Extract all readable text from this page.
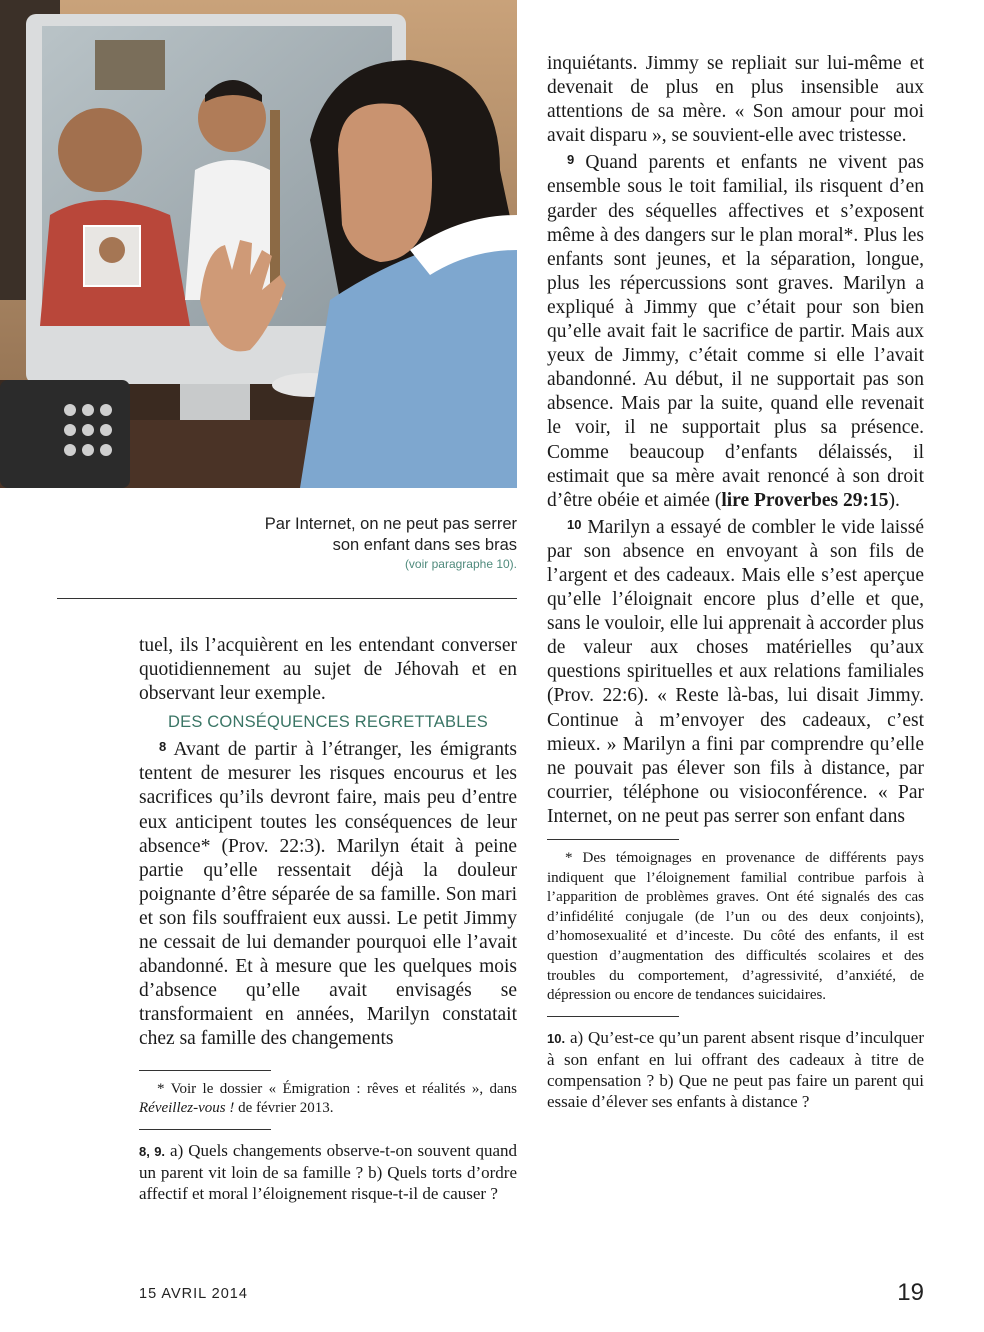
Par Internet, on ne peut pas serrer
son enfant dans ses bras
(voir paragraphe 10).

tuel, ils l’acquièrent en les entendant converser quotidiennement au sujet de Jéhovah et en observant leur exemple.

DES CONSÉQUENCES REGRETTABLES

$^8$ Avant de partir à l’étranger, les émigrants tentent de mesurer les risques encourus et les sacrifices qu’ils devront faire, mais peu d’entre eux anticipent toutes les conséquences de leur absence* (Prov. 22:3). Marilyn était à peine partie qu’elle ressentait déjà la douleur poignante d’être séparée de sa famille. Son mari et son fils souffraient eux aussi. Le petit Jimmy ne cessait de lui demander pourquoi elle l’avait abandonné. Et à mesure que les quelques mois d’absence qu’elle avait envisagés se transformaient en années, Marilyn constatait chez sa famille des changements

* Voir le dossier « Émigration : rêves et réalités », dans Réveillez-vous ! de février 2013.

8, 9. a) Quels changements observe-t-on souvent quand un parent vit loin de sa famille ? b) Quels torts d’ordre affectif et moral l’éloignement risque-t-il de causer ?

inquiétants. Jimmy se repliait sur lui-même et devenait de plus en plus insensible aux attentions de sa mère. « Son amour pour moi avait disparu », se souvient-elle avec tristesse.

$^9$ Quand parents et enfants ne vivent pas ensemble sous le toit familial, ils risquent d’en garder des séquelles affectives et s’exposent même à des dangers sur le plan moral*. Plus les enfants sont jeunes, et la séparation, longue, plus les répercussions sont graves. Marilyn a expliqué à Jimmy que c’était pour son bien qu’elle avait fait le sacrifice de partir. Mais aux yeux de Jimmy, c’était comme si elle l’avait abandonné. Au début, il ne supportait pas son absence. Mais par la suite, quand elle revenait le voir, il ne supportait plus sa présence. Comme beaucoup d’enfants délaissés, il estimait que sa mère avait renoncé à son droit d’être obéie et aimée (lire Proverbes 29:15).

$^{10}$ Marilyn a essayé de combler le vide laissé par son absence en envoyant à son fils de l’argent et des cadeaux. Mais elle s’est aperçue qu’elle l’éloignait encore plus d’elle et que, sans le vouloir, elle lui apprenait à accorder plus de valeur aux choses matérielles qu’aux questions spirituelles et aux relations familiales (Prov. 22:6). « Reste là-bas, lui disait Jimmy. Continue à m’envoyer des cadeaux, c’est mieux. » Marilyn a fini par comprendre qu’elle ne pouvait pas élever son fils à distance, par courrier, téléphone ou visioconférence. « Par Internet, on ne peut pas serrer son enfant dans

* Des témoignages en provenance de différents pays indiquent que l’éloignement familial contribue parfois à l’apparition de problèmes graves. Ont été signalés des cas d’infidélité conjugale (de l’un ou des deux conjoints), d’homosexualité et d’inceste. Du côté des enfants, il est question d’augmentation des difficultés scolaires et des troubles du comportement, d’agressivité, d’anxiété, de dépression ou encore de tendances suicidaires.

10. a) Qu’est-ce qu’un parent absent risque d’inculquer à son enfant en lui offrant des cadeaux à titre de compensation ? b) Que ne peut pas faire un parent qui essaie d’élever ses enfants à distance ?

15 AVRIL 2014	19
